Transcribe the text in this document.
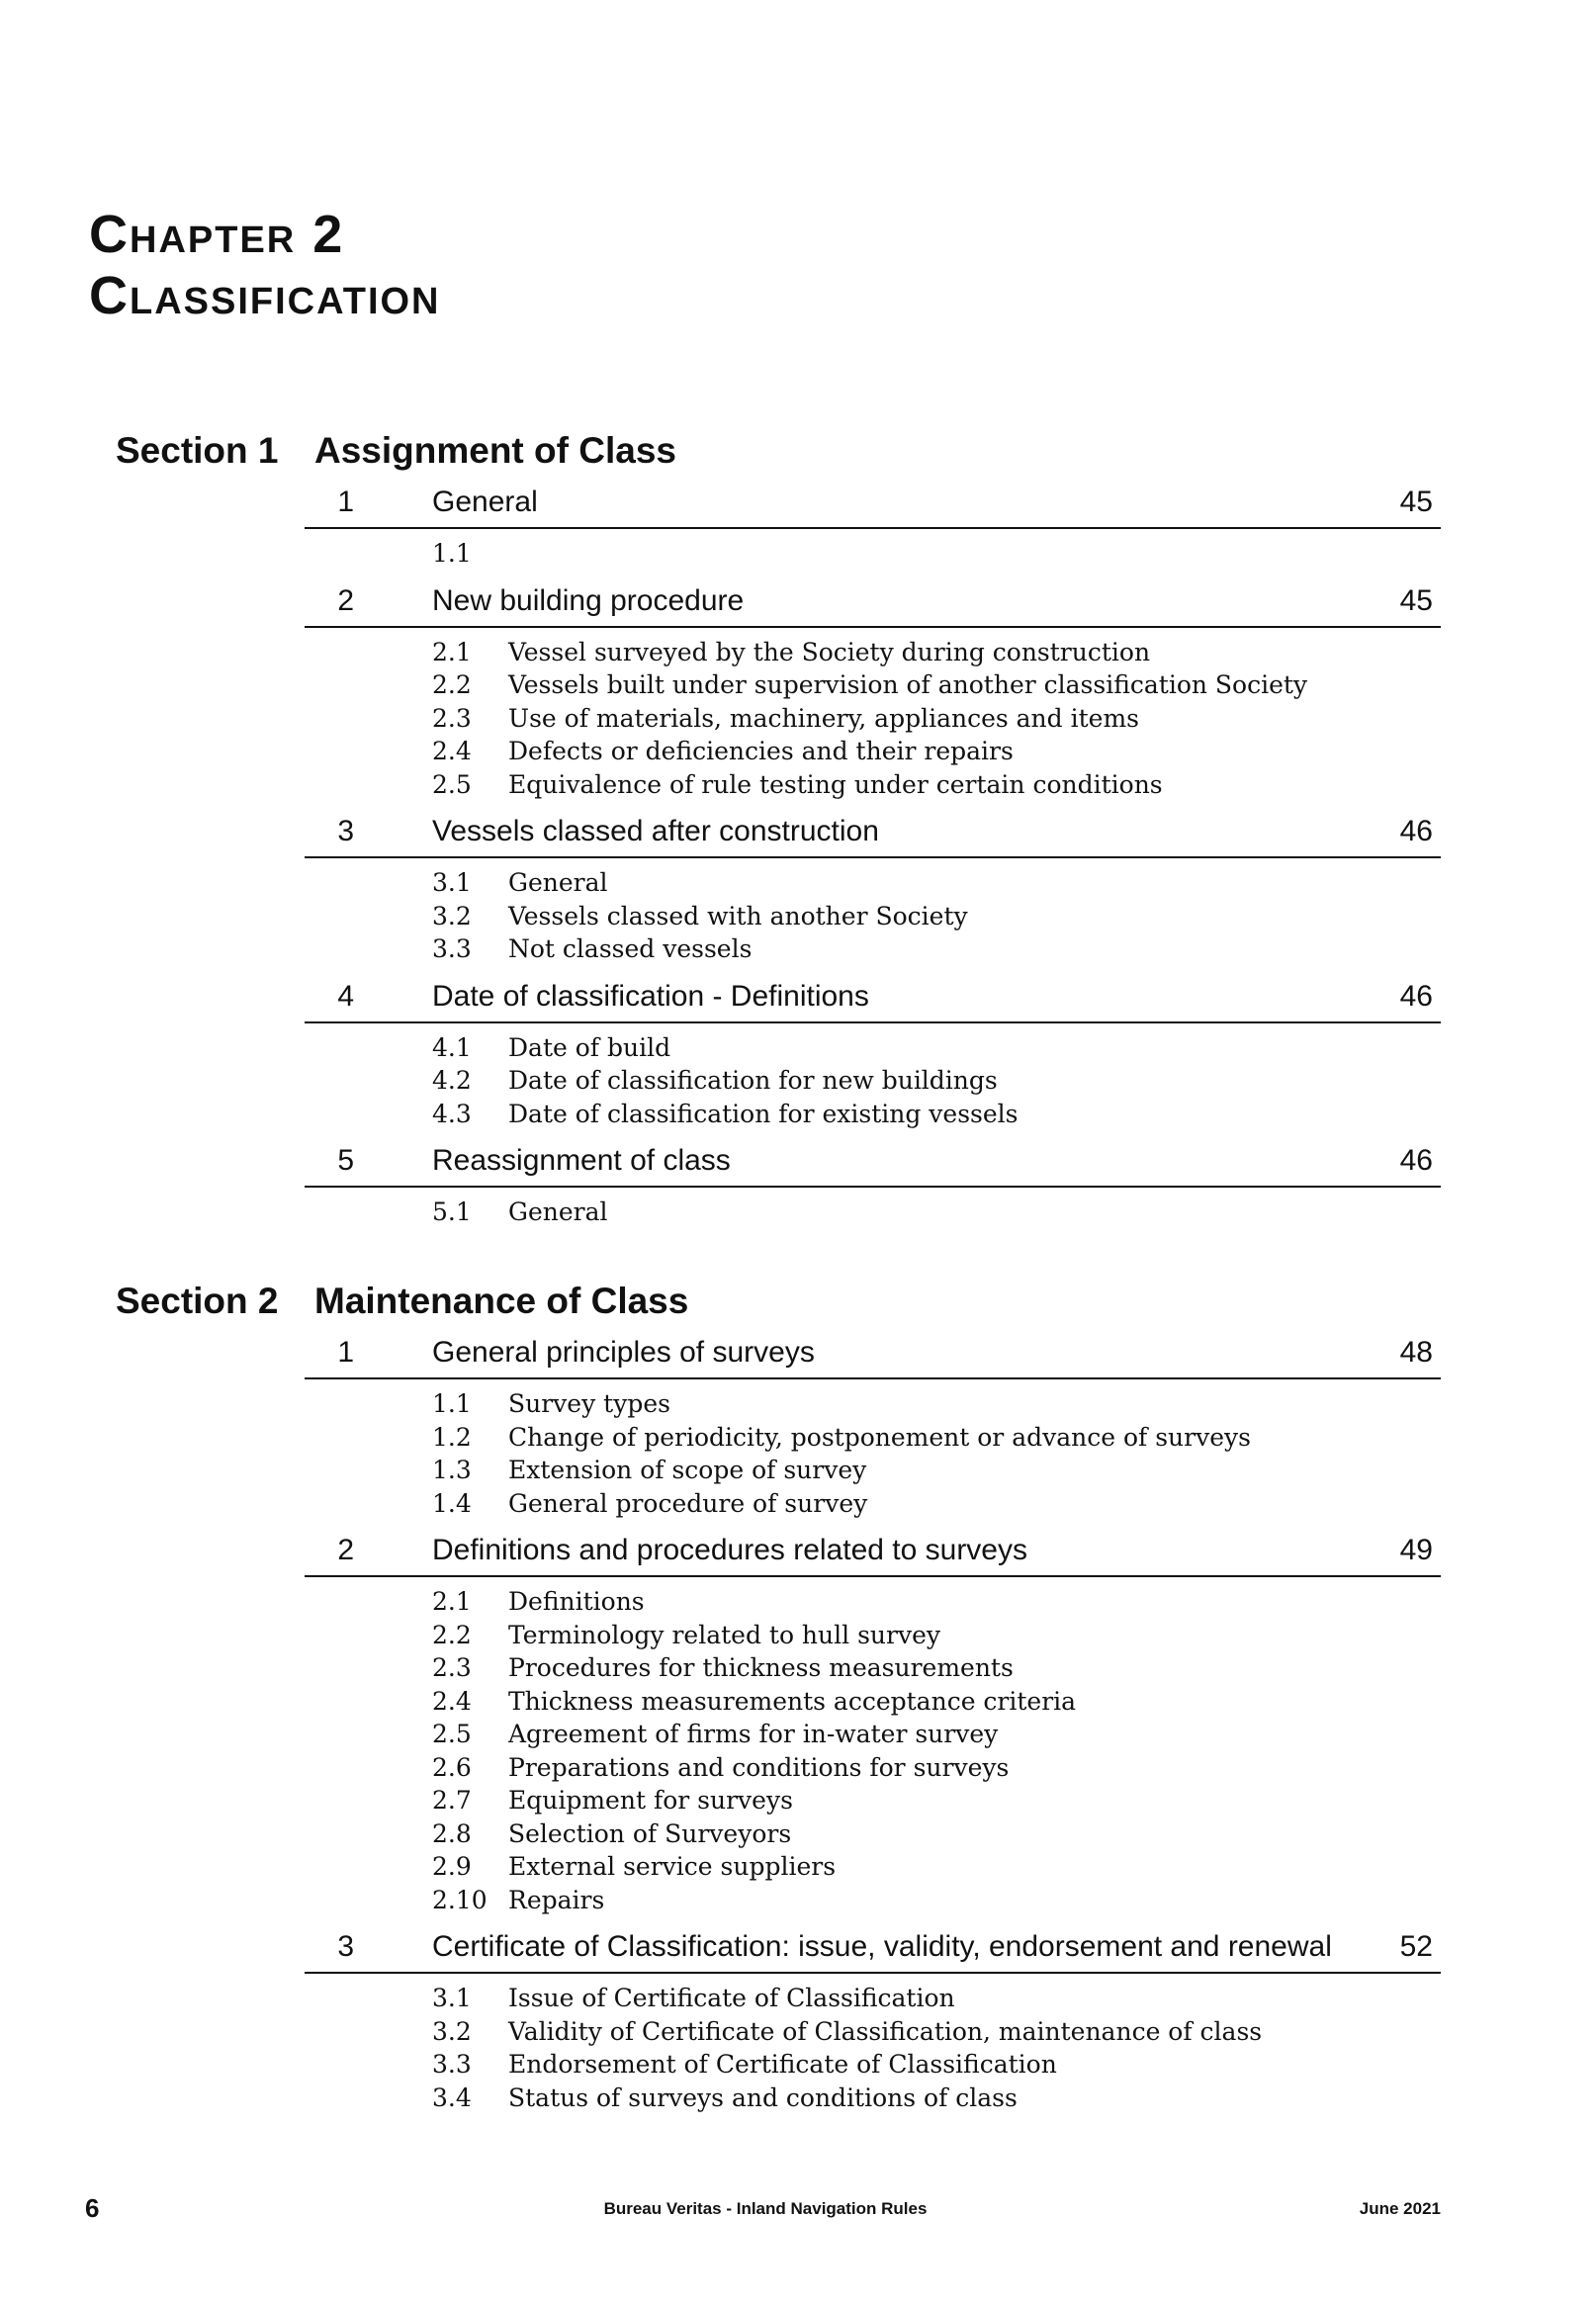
Chapter 2
Classification
Section 1 Assignment of Class
1	General	45
1.1
2	New building procedure	45
2.1 Vessel surveyed by the Society during construction
2.2 Vessels built under supervision of another classification Society
2.3 Use of materials, machinery, appliances and items
2.4 Defects or deficiencies and their repairs
2.5 Equivalence of rule testing under certain conditions
3	Vessels classed after construction	46
3.1 General
3.2 Vessels classed with another Society
3.3 Not classed vessels
4	Date of classification - Definitions	46
4.1 Date of build
4.2 Date of classification for new buildings
4.3 Date of classification for existing vessels
5	Reassignment of class	46
5.1 General
Section 2 Maintenance of Class
1	General principles of surveys	48
1.1 Survey types
1.2 Change of periodicity, postponement or advance of surveys
1.3 Extension of scope of survey
1.4 General procedure of survey
2	Definitions and procedures related to surveys	49
2.1 Definitions
2.2 Terminology related to hull survey
2.3 Procedures for thickness measurements
2.4 Thickness measurements acceptance criteria
2.5 Agreement of firms for in-water survey
2.6 Preparations and conditions for surveys
2.7 Equipment for surveys
2.8 Selection of Surveyors
2.9 External service suppliers
2.10 Repairs
3	Certificate of Classification: issue, validity, endorsement and renewal 52
3.1 Issue of Certificate of Classification
3.2 Validity of Certificate of Classification, maintenance of class
3.3 Endorsement of Certificate of Classification
3.4 Status of surveys and conditions of class
6	Bureau Veritas - Inland Navigation Rules	June 2021
